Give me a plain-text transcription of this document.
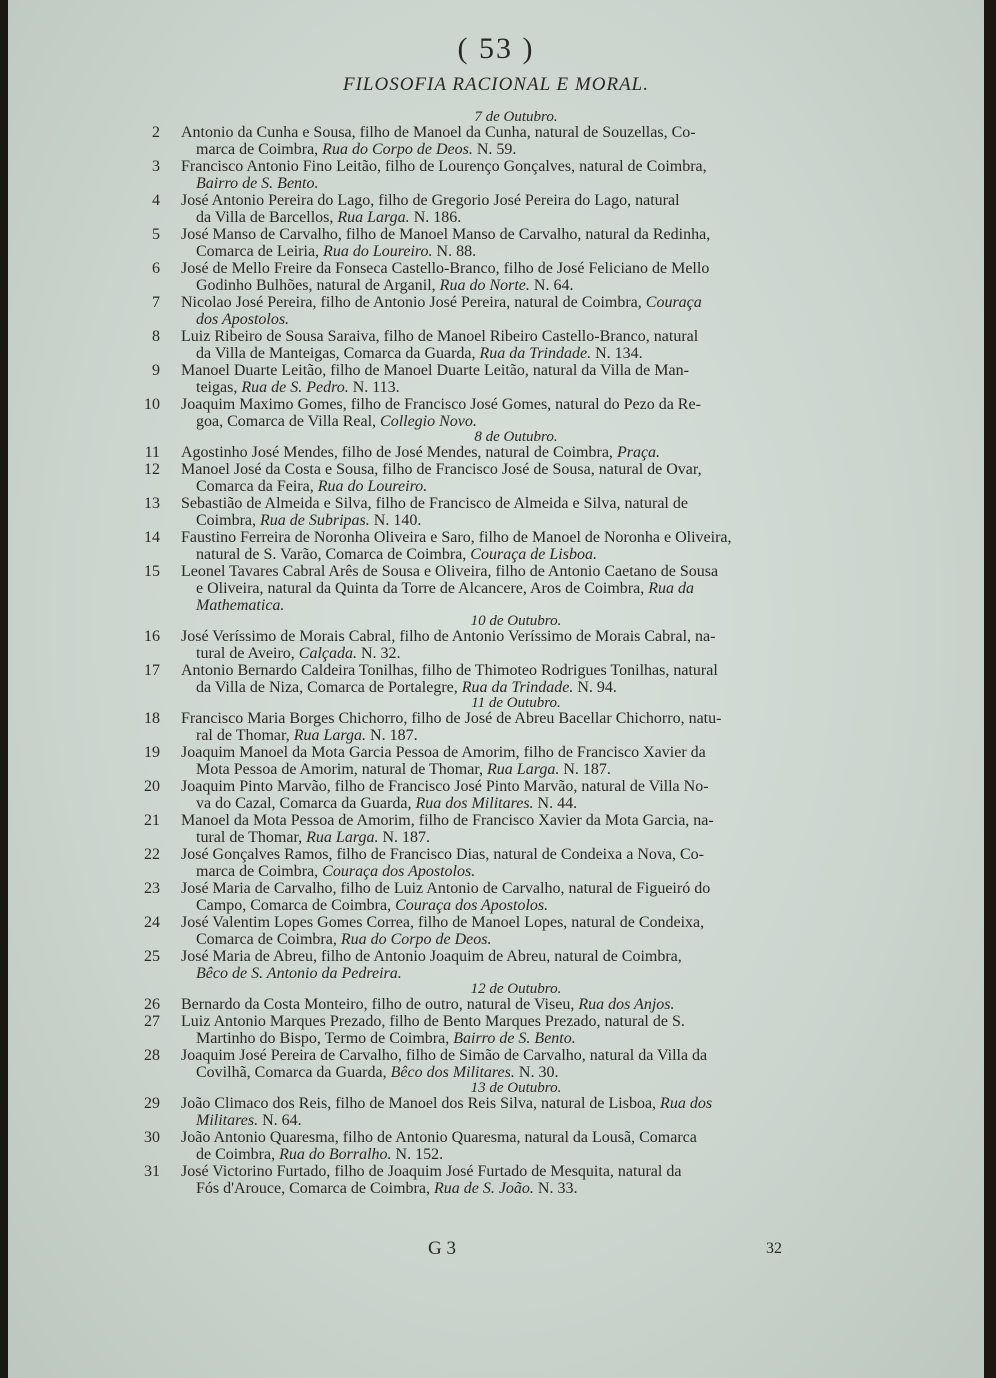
( 53 )
FILOSOFIA RACIONAL E MORAL.
7 de Outubro.
2 Antonio da Cunha e Sousa, filho de Manoel da Cunha, natural de Souzellas, Co-
marca de Coimbra, Rua do Corpo de Deos. N. 59.
3 Francisco Antonio Fino Leitão, filho de Lourenço Gonçalves, natural de Coimbra,
Bairro de S. Bento.
4 José Antonio Pereira do Lago, filho de Gregorio José Pereira do Lago, natural
da Villa de Barcellos, Rua Larga. N. 186.
5 José Manso de Carvalho, filho de Manoel Manso de Carvalho, natural da Redinha,
Comarca de Leiria, Rua do Loureiro. N. 88.
6 José de Mello Freire da Fonseca Castello-Branco, filho de José Feliciano de Mello
Godinho Bulhões, natural de Arganil, Rua do Norte. N. 64.
7 Nicolao José Pereira, filho de Antonio José Pereira, natural de Coimbra, Couraça
dos Apostolos.
8 Luiz Ribeiro de Sousa Saraiva, filho de Manoel Ribeiro Castello-Branco, natural
da Villa de Manteigas, Comarca da Guarda, Rua da Trindade. N. 134.
9 Manoel Duarte Leitão, filho de Manoel Duarte Leitão, natural da Villa de Man-
teigas, Rua de S. Pedro. N. 113.
10 Joaquim Maximo Gomes, filho de Francisco José Gomes, natural do Pezo da Re-
goa, Comarca de Villa Real, Collegio Novo.
8 de Outubro.
11 Agostinho José Mendes, filho de José Mendes, natural de Coimbra, Praça.
12 Manoel José da Costa e Sousa, filho de Francisco José de Sousa, natural de Ovar,
Comarca da Feira, Rua do Loureiro.
13 Sebastião de Almeida e Silva, filho de Francisco de Almeida e Silva, natural de
Coimbra, Rua de Subripas. N. 140.
14 Faustino Ferreira de Noronha Oliveira e Saro, filho de Manoel de Noronha e Oliveira,
natural de S. Varão, Comarca de Coimbra, Couraça de Lisboa.
15 Leonel Tavares Cabral Arês de Sousa e Oliveira, filho de Antonio Caetano de Sousa
e Oliveira, natural da Quinta da Torre de Alcancere, Aros de Coimbra, Rua da
Mathematica.
10 de Outubro.
16 José Veríssimo de Morais Cabral, filho de Antonio Veríssimo de Morais Cabral, na-
tural de Aveiro, Calçada. N. 32.
17 Antonio Bernardo Caldeira Tonilhas, filho de Thimoteo Rodrigues Tonilhas, natural
da Villa de Niza, Comarca de Portalegre, Rua da Trindade. N. 94.
11 de Outubro.
18 Francisco Maria Borges Chichorro, filho de José de Abreu Bacellar Chichorro, natu-
ral de Thomar, Rua Larga. N. 187.
19 Joaquim Manoel da Mota Garcia Pessoa de Amorim, filho de Francisco Xavier da
Mota Pessoa de Amorim, natural de Thomar, Rua Larga. N. 187.
20 Joaquim Pinto Marvão, filho de Francisco José Pinto Marvão, natural de Villa No-
va do Cazal, Comarca da Guarda, Rua dos Militares. N. 44.
21 Manoel da Mota Pessoa de Amorim, filho de Francisco Xavier da Mota Garcia, na-
tural de Thomar, Rua Larga. N. 187.
22 José Gonçalves Ramos, filho de Francisco Dias, natural de Condeixa a Nova, Co-
marca de Coimbra, Couraça dos Apostolos.
23 José Maria de Carvalho, filho de Luiz Antonio de Carvalho, natural de Figueiró do
Campo, Comarca de Coimbra, Couraça dos Apostolos.
24 José Valentim Lopes Gomes Correa, filho de Manoel Lopes, natural de Condeixa,
Comarca de Coimbra, Rua do Corpo de Deos.
25 José Maria de Abreu, filho de Antonio Joaquim de Abreu, natural de Coimbra,
Bêco de S. Antonio da Pedreira.
12 de Outubro.
26 Bernardo da Costa Monteiro, filho de outro, natural de Viseu, Rua dos Anjos.
27 Luiz Antonio Marques Prezado, filho de Bento Marques Prezado, natural de S.
Martinho do Bispo, Termo de Coimbra, Bairro de S. Bento.
28 Joaquim José Pereira de Carvalho, filho de Simão de Carvalho, natural da Villa da
Covilhã, Comarca da Guarda, Bêco dos Militares. N. 30.
13 de Outubro.
29 João Climaco dos Reis, filho de Manoel dos Reis Silva, natural de Lisboa, Rua dos
Militares. N. 64.
30 João Antonio Quaresma, filho de Antonio Quaresma, natural da Lousã, Comarca
de Coimbra, Rua do Borralho. N. 152.
31 José Victorino Furtado, filho de Joaquim José Furtado de Mesquita, natural da
Fós d'Arouce, Comarca de Coimbra, Rua de S. João. N. 33.
G 3	32
